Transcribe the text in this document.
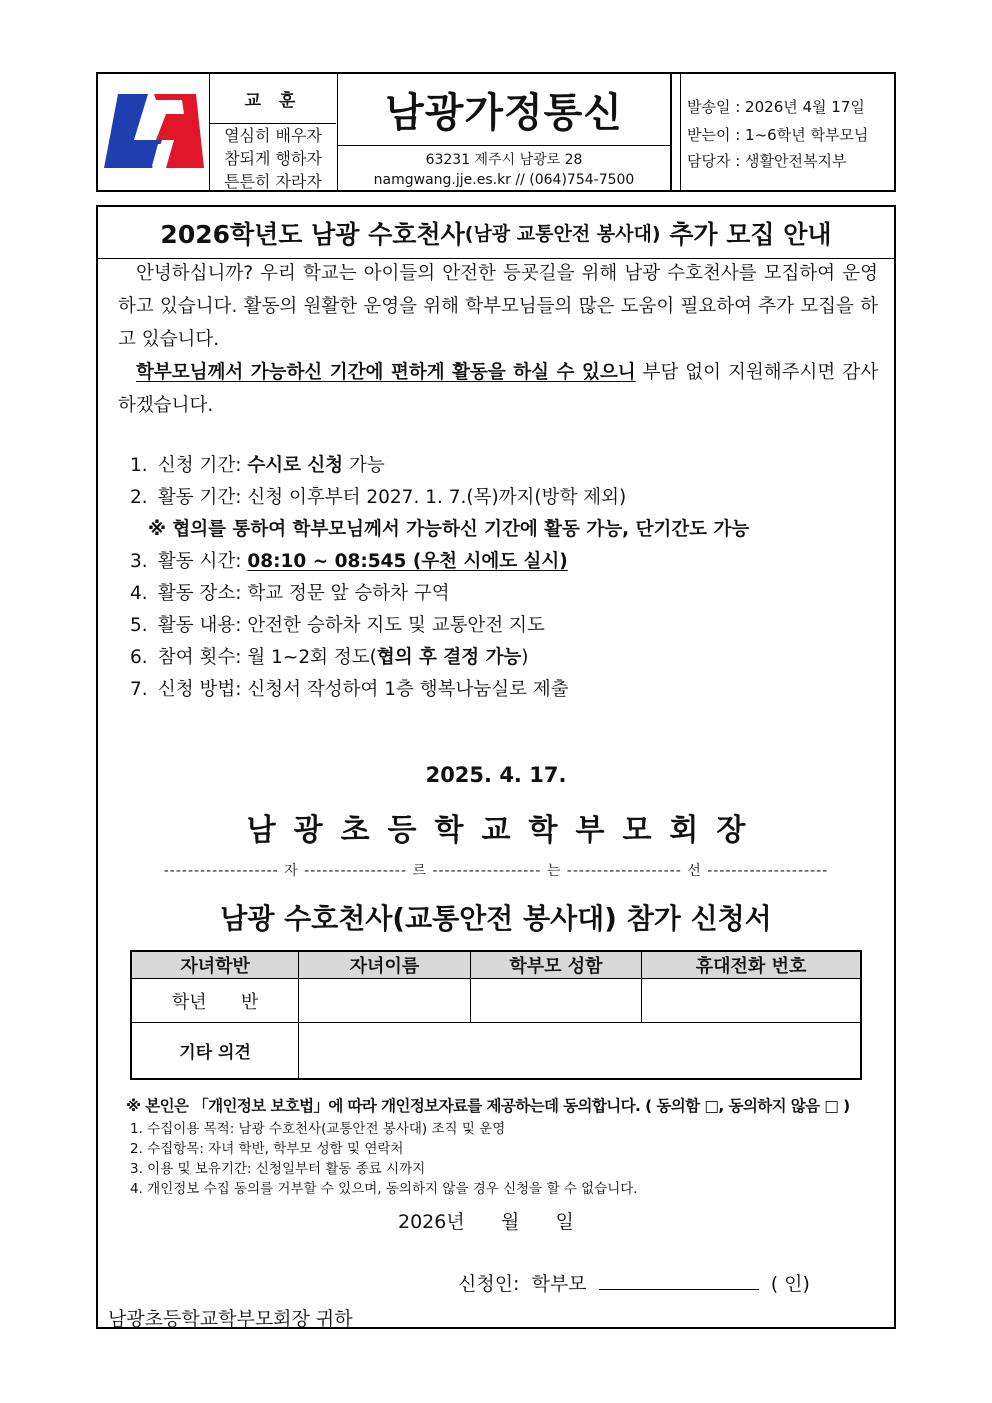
교 훈
열심히 배우자
참되게 행하자
튼튼히 자라자
남광가정통신
63231 제주시 남광로 28
namgwang.jje.es.kr // (064)754-7500
발송일 : 2026년 4월 17일
받는이 : 1~6학년 학부모님
담당자 : 생활안전복지부
2026학년도 남광 수호천사 (남광 교통안전 봉사대) 추가 모집 안내

안녕하십니까? 우리 학교는 아이들의 안전한 등굣길을 위해 남광 수호천사를 모집하여 운영하고 있습니다. 활동의 원활한 운영을 위해 학부모님들의 많은 도움이 필요하여 추가 모집을 하고 있습니다.

학부모님께서 가능하신 기간에 편하게 활동을 하실 수 있으니 부담 없이 지원해주시면 감사하겠습니다.

1. 신청 기간: 수시로 신청 가능
2. 활동 기간: 신청 이후부터 2027. 1. 7.(목)까지(방학 제외)
※ 협의를 통하여 학부모님께서 가능하신 기간에 활동 가능, 단기간도 가능
3. 활동 시간: 08:10 ~ 08:545 (우천 시에도 실시)
4. 활동 장소: 학교 정문 앞 승하차 구역
5. 활동 내용: 안전한 승하차 지도 및 교통안전 지도
6. 참여 횟수: 월 1~2회 정도(협의 후 결정 가능)
7. 신청 방법: 신청서 작성하여 1층 행복나눔실로 제출
2025. 4. 17.
남광초등학교학부모회장
------------------- 자 ----------------- 르 ------------------ 는 ------------------- 선 --------------------
남광 수호천사(교통안전 봉사대) 참가 신청서
자녀학반	자녀이름	학부모 성함	휴대전화 번호
학년      반			
기타 의견			
※ 본인은 「개인정보 보호법」에 따라 개인정보자료를 제공하는데 동의합니다. ( 동의함 □, 동의하지 않음 □ )
1. 수집이용 목적: 남광 수호천사(교통안전 봉사대) 조직 및 운영
2. 수집항목: 자녀 학반, 학부모 성함 및 연락처
3. 이용 및 보유기간: 신청일부터 활동 종료 시까지
4. 개인정보 수집 동의를 거부할 수 있으며, 동의하지 않을 경우 신청을 할 수 없습니다.
2026년      월      일
신청인:  학부모	( 인)
남광초등학교학부모회장 귀하
